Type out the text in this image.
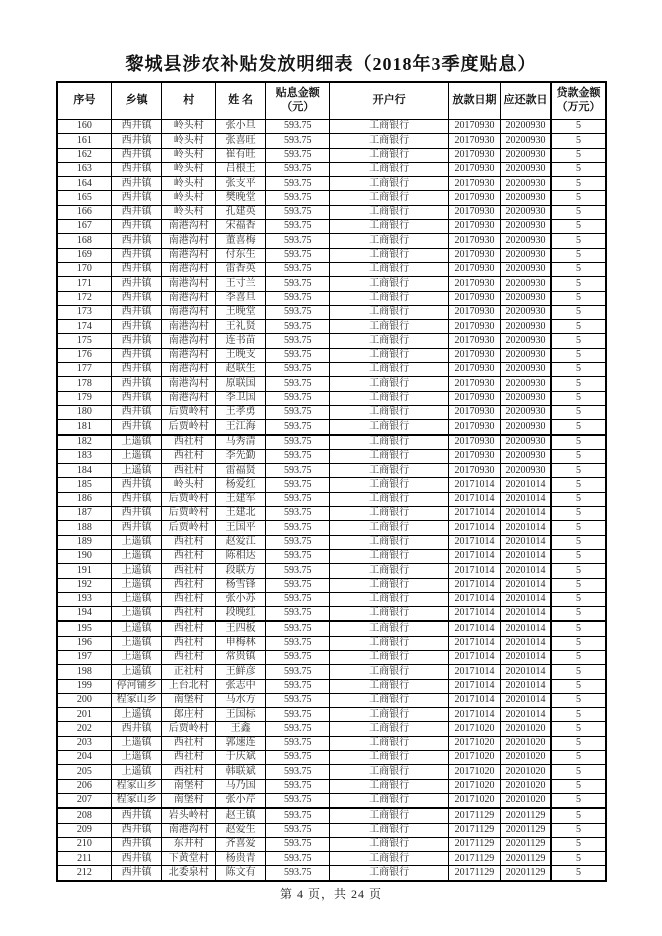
黎城县涉农补贴发放明细表（2018年3季度贴息）
序号	乡镇	村	姓 名	贴息金额（元）	开户行	放款日期	应还款日	贷款金额（万元）
160	西井镇	岭头村	张小旦	593.75	工商银行	20170930	20200930	5
161	西井镇	岭头村	张喜旺	593.75	工商银行	20170930	20200930	5
162	西井镇	岭头村	崔有旺	593.75	工商银行	20170930	20200930	5
163	西井镇	岭头村	吕根王	593.75	工商银行	20170930	20200930	5
164	西井镇	岭头村	张支平	593.75	工商银行	20170930	20200930	5
165	西井镇	岭头村	樊晚堂	593.75	工商银行	20170930	20200930	5
166	西井镇	岭头村	孔建英	593.75	工商银行	20170930	20200930	5
167	西井镇	南港沟村	宋福香	593.75	工商银行	20170930	20200930	5
168	西井镇	南港沟村	董喜梅	593.75	工商银行	20170930	20200930	5
169	西井镇	南港沟村	付东生	593.75	工商银行	20170930	20200930	5
170	西井镇	南港沟村	雷香英	593.75	工商银行	20170930	20200930	5
171	西井镇	南港沟村	王寸兰	593.75	工商银行	20170930	20200930	5
172	西井镇	南港沟村	李喜旦	593.75	工商银行	20170930	20200930	5
173	西井镇	南港沟村	王晚堂	593.75	工商银行	20170930	20200930	5
174	西井镇	南港沟村	王礼贤	593.75	工商银行	20170930	20200930	5
175	西井镇	南港沟村	连书苗	593.75	工商银行	20170930	20200930	5
176	西井镇	南港沟村	王晚支	593.75	工商银行	20170930	20200930	5
177	西井镇	南港沟村	赵联生	593.75	工商银行	20170930	20200930	5
178	西井镇	南港沟村	原联国	593.75	工商银行	20170930	20200930	5
179	西井镇	南港沟村	李卫国	593.75	工商银行	20170930	20200930	5
180	西井镇	后贾岭村	王孝勇	593.75	工商银行	20170930	20200930	5
181	西井镇	后贾岭村	王江海	593.75	工商银行	20170930	20200930	5
182	上遥镇	西社村	马秀清	593.75	工商银行	20170930	20200930	5
183	上遥镇	西社村	李先勤	593.75	工商银行	20170930	20200930	5
184	上遥镇	西社村	雷福贤	593.75	工商银行	20170930	20200930	5
185	西井镇	岭头村	杨爱红	593.75	工商银行	20171014	20201014	5
186	西井镇	后贾岭村	王建军	593.75	工商银行	20171014	20201014	5
187	西井镇	后贾岭村	王建北	593.75	工商银行	20171014	20201014	5
188	西井镇	后贾岭村	王国平	593.75	工商银行	20171014	20201014	5
189	上遥镇	西社村	赵爱江	593.75	工商银行	20171014	20201014	5
190	上遥镇	西社村	陈相达	593.75	工商银行	20171014	20201014	5
191	上遥镇	西社村	段联方	593.75	工商银行	20171014	20201014	5
192	上遥镇	西社村	杨雪锋	593.75	工商银行	20171014	20201014	5
193	上遥镇	西社村	张小苏	593.75	工商银行	20171014	20201014	5
194	上遥镇	西社村	段晚红	593.75	工商银行	20171014	20201014	5
195	上遥镇	西社村	王四板	593.75	工商银行	20171014	20201014	5
196	上遥镇	西社村	申梅林	593.75	工商银行	20171014	20201014	5
197	上遥镇	西社村	常贵镇	593.75	工商银行	20171014	20201014	5
198	上遥镇	正社村	王鲜彦	593.75	工商银行	20171014	20201014	5
199	停河铺乡	上台北村	张志中	593.75	工商银行	20171014	20201014	5
200	程家山乡	南堡村	马水方	593.75	工商银行	20171014	20201014	5
201	上遥镇	郎庄村	王国标	593.75	工商银行	20171014	20201014	5
202	西井镇	后贾岭村	王鑫	593.75	工商银行	20171020	20201020	5
203	上遥镇	西社村	郭速连	593.75	工商银行	20171020	20201020	5
204	上遥镇	西社村	于庆斌	593.75	工商银行	20171020	20201020	5
205	上遥镇	西社村	韩联斌	593.75	工商银行	20171020	20201020	5
206	程家山乡	南堡村	马乃国	593.75	工商银行	20171020	20201020	5
207	程家山乡	南堡村	张小芹	593.75	工商银行	20171020	20201020	5
208	西井镇	岩头岭村	赵王镇	593.75	工商银行	20171129	20201129	5
209	西井镇	南港沟村	赵爱生	593.75	工商银行	20171129	20201129	5
210	西井镇	东井村	齐喜爱	593.75	工商银行	20171129	20201129	5
211	西井镇	下黄堂村	杨贵青	593.75	工商银行	20171129	20201129	5
212	西井镇	北委泉村	陈文有	593.75	工商银行	20171129	20201129	5
第 4 页，共 24 页
